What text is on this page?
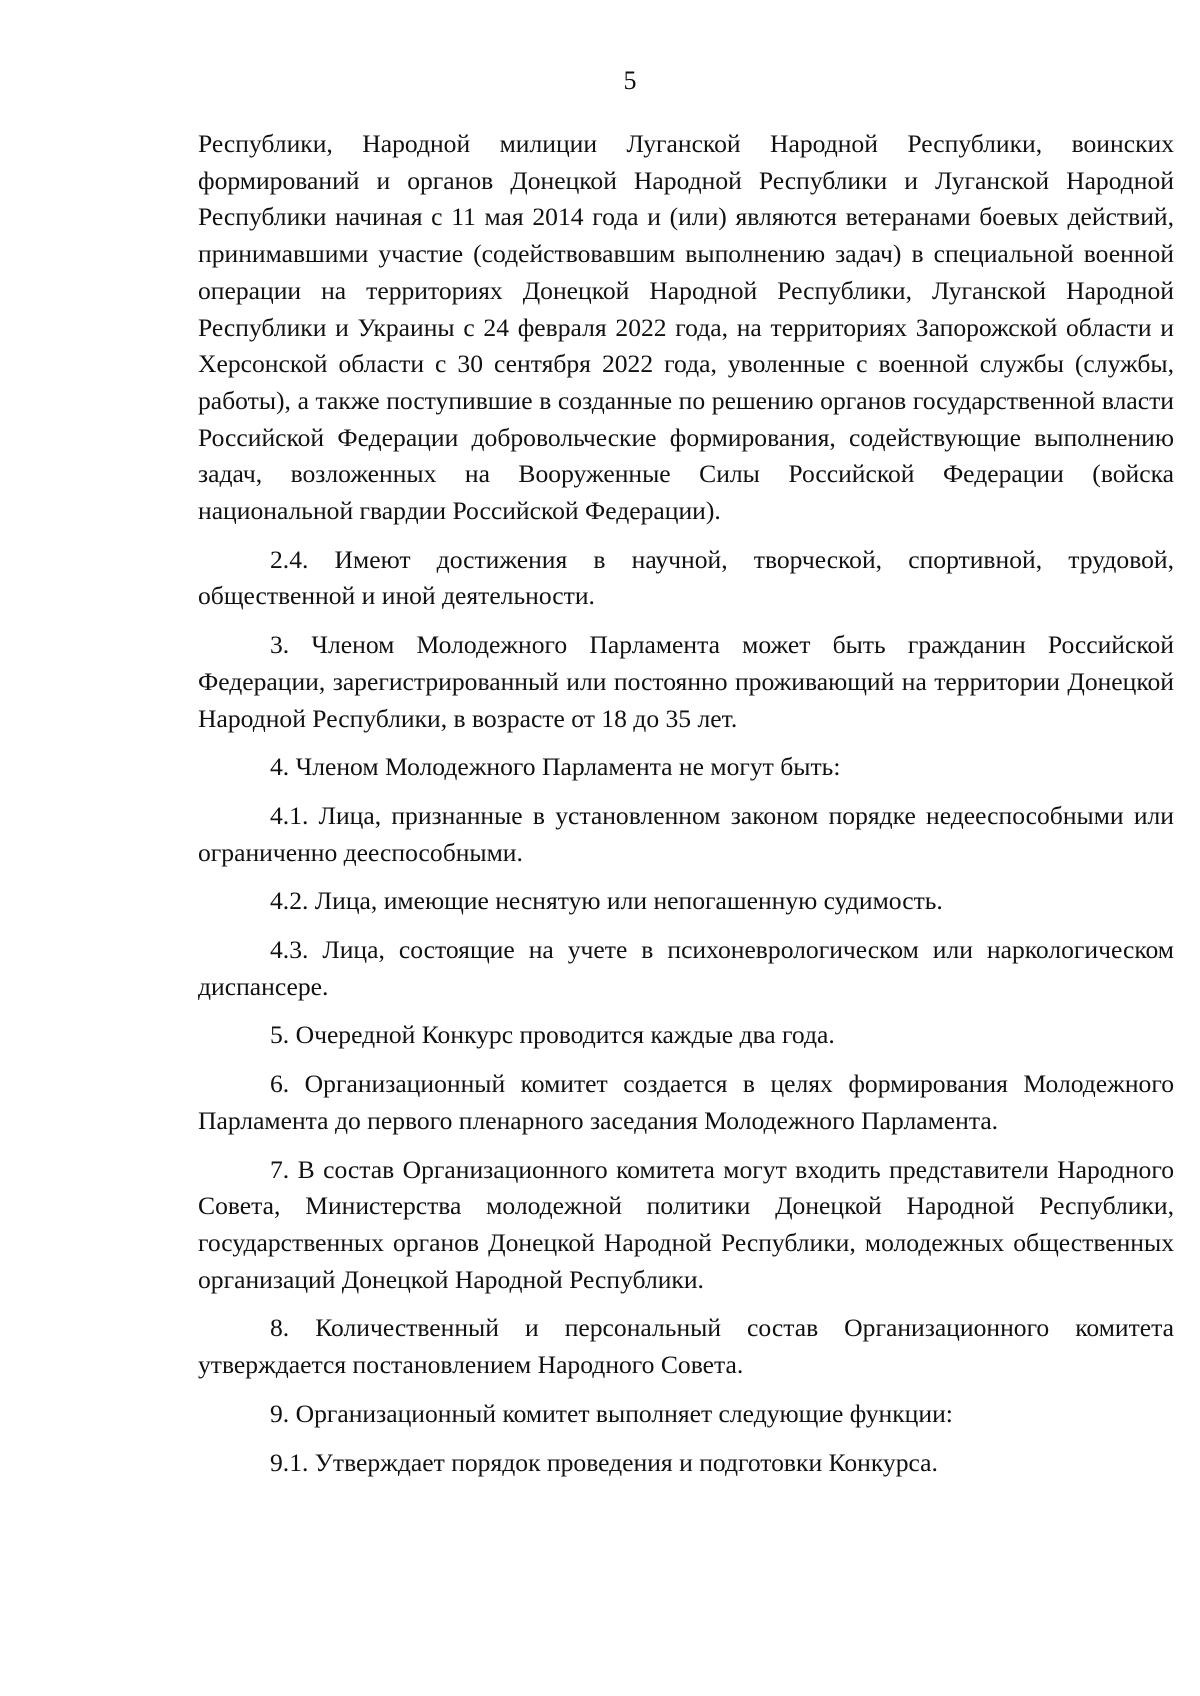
5

Республики, Народной милиции Луганской Народной Республики, воинских формирований и органов Донецкой Народной Республики и Луганской Народной Республики начиная с 11 мая 2014 года и (или) являются ветеранами боевых действий, принимавшими участие (содействовавшим выполнению задач) в специальной военной операции на территориях Донецкой Народной Республики, Луганской Народной Республики и Украины с 24 февраля 2022 года, на территориях Запорожской области и Херсонской области с 30 сентября 2022 года, уволенные с военной службы (службы, работы), а также поступившие в созданные по решению органов государственной власти Российской Федерации добровольческие формирования, содействующие выполнению задач, возложенных на Вооруженные Силы Российской Федерации (войска национальной гвардии Российской Федерации).

2.4. Имеют достижения в научной, творческой, спортивной, трудовой, общественной и иной деятельности.

3. Членом Молодежного Парламента может быть гражданин Российской Федерации, зарегистрированный или постоянно проживающий на территории Донецкой Народной Республики, в возрасте от 18 до 35 лет.

4. Членом Молодежного Парламента не могут быть:

4.1. Лица, признанные в установленном законом порядке недееспособными или ограниченно дееспособными.

4.2. Лица, имеющие неснятую или непогашенную судимость.

4.3. Лица, состоящие на учете в психоневрологическом или наркологическом диспансере.

5. Очередной Конкурс проводится каждые два года.

6. Организационный комитет создается в целях формирования Молодежного Парламента до первого пленарного заседания Молодежного Парламента.

7. В состав Организационного комитета могут входить представители Народного Совета, Министерства молодежной политики Донецкой Народной Республики, государственных органов Донецкой Народной Республики, молодежных общественных организаций Донецкой Народной Республики.

8. Количественный и персональный состав Организационного комитета утверждается постановлением Народного Совета.

9. Организационный комитет выполняет следующие функции:

9.1. Утверждает порядок проведения и подготовки Конкурса.
